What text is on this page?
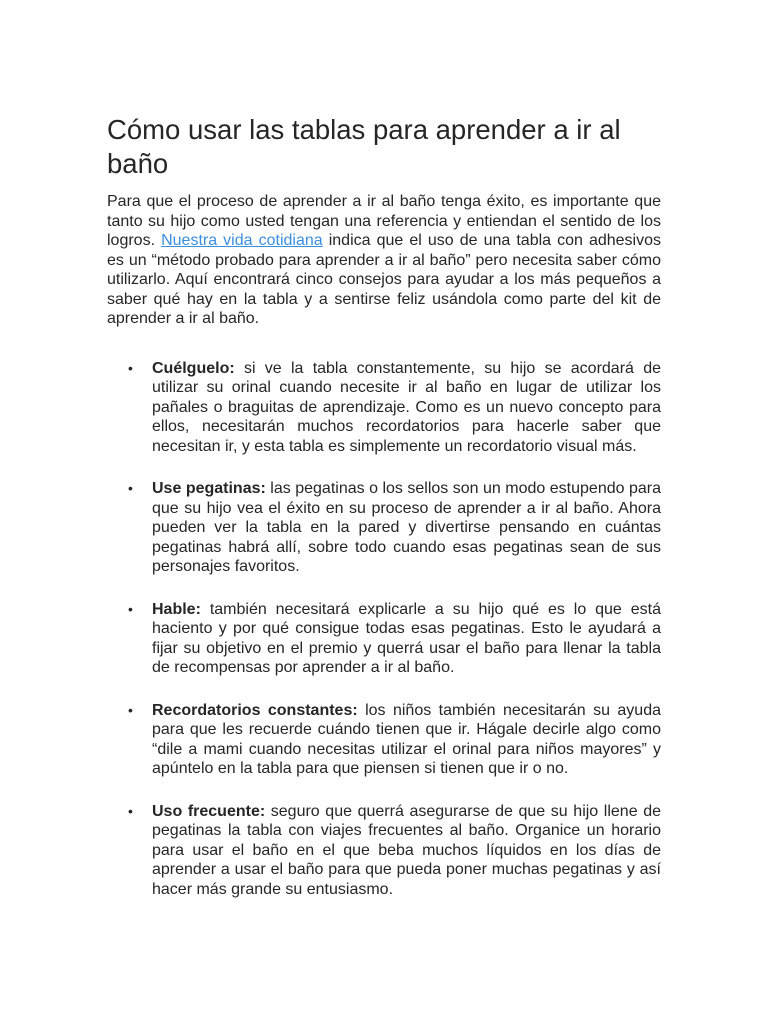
Cómo usar las tablas para aprender a ir al baño

Para que el proceso de aprender a ir al baño tenga éxito, es importante que tanto su hijo como usted tengan una referencia y entiendan el sentido de los logros. Nuestra vida cotidiana indica que el uso de una tabla con adhesivos es un “método probado para aprender a ir al baño” pero necesita saber cómo utilizarlo. Aquí encontrará cinco consejos para ayudar a los más pequeños a saber qué hay en la tabla y a sentirse feliz usándola como parte del kit de aprender a ir al baño.

• Cuélguelo: si ve la tabla constantemente, su hijo se acordará de utilizar su orinal cuando necesite ir al baño en lugar de utilizar los pañales o braguitas de aprendizaje. Como es un nuevo concepto para ellos, necesitarán muchos recordatorios para hacerle saber que necesitan ir, y esta tabla es simplemente un recordatorio visual más.
• Use pegatinas: las pegatinas o los sellos son un modo estupendo para que su hijo vea el éxito en su proceso de aprender a ir al baño. Ahora pueden ver la tabla en la pared y divertirse pensando en cuántas pegatinas habrá allí, sobre todo cuando esas pegatinas sean de sus personajes favoritos.
• Hable: también necesitará explicarle a su hijo qué es lo que está haciento y por qué consigue todas esas pegatinas. Esto le ayudará a fijar su objetivo en el premio y querrá usar el baño para llenar la tabla de recompensas por aprender a ir al baño.
• Recordatorios constantes: los niños también necesitarán su ayuda para que les recuerde cuándo tienen que ir. Hágale decirle algo como “dile a mami cuando necesitas utilizar el orinal para niños mayores” y apúntelo en la tabla para que piensen si tienen que ir o no.
• Uso frecuente: seguro que querrá asegurarse de que su hijo llene de pegatinas la tabla con viajes frecuentes al baño. Organice un horario para usar el baño en el que beba muchos líquidos en los días de aprender a usar el baño para que pueda poner muchas pegatinas y así hacer más grande su entusiasmo.
